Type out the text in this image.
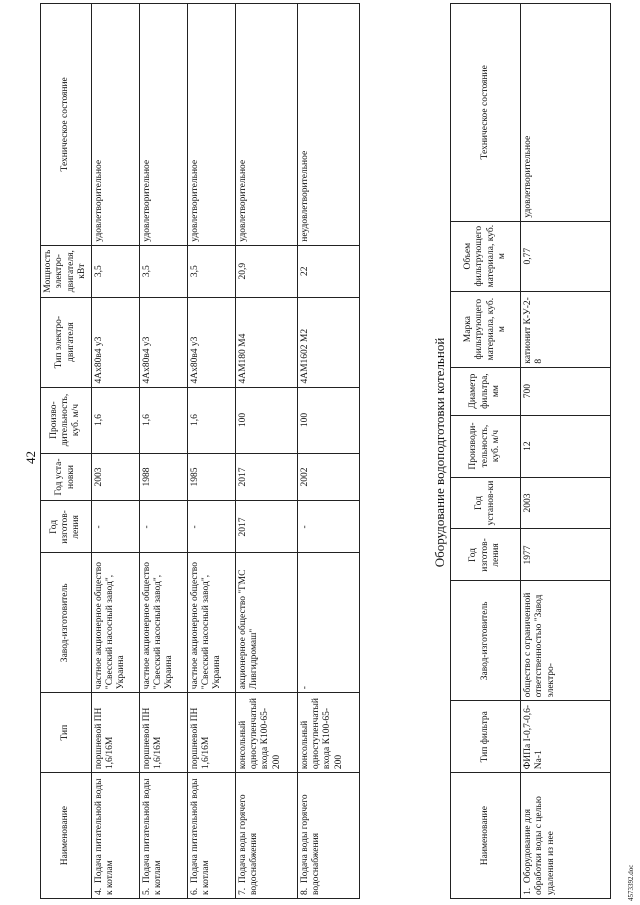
42
Наименование	Тип	Завод-изготовитель	Год изготов-ления	Год уста-новки	Произво-дительность, куб. м/ч	Тип электро-двигателя	Мощность электро-двигателя, кВт	Техническое состояние
4.  Подача питательной воды к котлам	поршневой ПН 1,6/16М	частное акционерное общество "Свесский насосный завод", Украина	-	2003	1,6	4Ах80в4 у3	3,5	удовлетворительное
5.  Подача питательной воды к котлам	поршневой ПН 1,6/16М	частное акционерное общество "Свесский насосный завод", Украина	-	1988	1,6	4Ах80в4 у3	3,5	удовлетворительное
6.  Подача питательной воды к котлам	поршневой ПН 1,6/16М	частное акционерное общество "Свесский насосный завод", Украина	-	1985	1,6	4Ах80в4 у3	3,5	удовлетворительное
7.  Подача воды горячего водоснабжения	консольный одноступенчатый входа К100-65-200	акционерное общество "ГМС Ливгидромаш"	2017	2017	100	4АМ180 М4	20,9	удовлетворительное
8.  Подача воды горячего водоснабжения	консольный одноступенчатый входа К100-65-200	-	-	2002	100	4АМ1602 М2	22	неудовлетворительное
Оборудование водоподготовки котельной
Наименование	Тип фильтра	Завод-изготовитель	Год изготов-ления	Год установ-ки	Производи-тельность, куб. м/ч	Диаметр фильтра, мм	Марка фильтрующего материала, куб. м	Объем фильтрующего материала, куб. м	Техническое состояние
1.  Оборудование для обработки воды с целью удаления из нее	ФИПа I-0,7-0,6-Na-1	общество с ограниченной ответственностью "Завод электро-	1977	2003	12	700	катионит К-У-2-8	0,77	удовлетворительное
4573392.doc
